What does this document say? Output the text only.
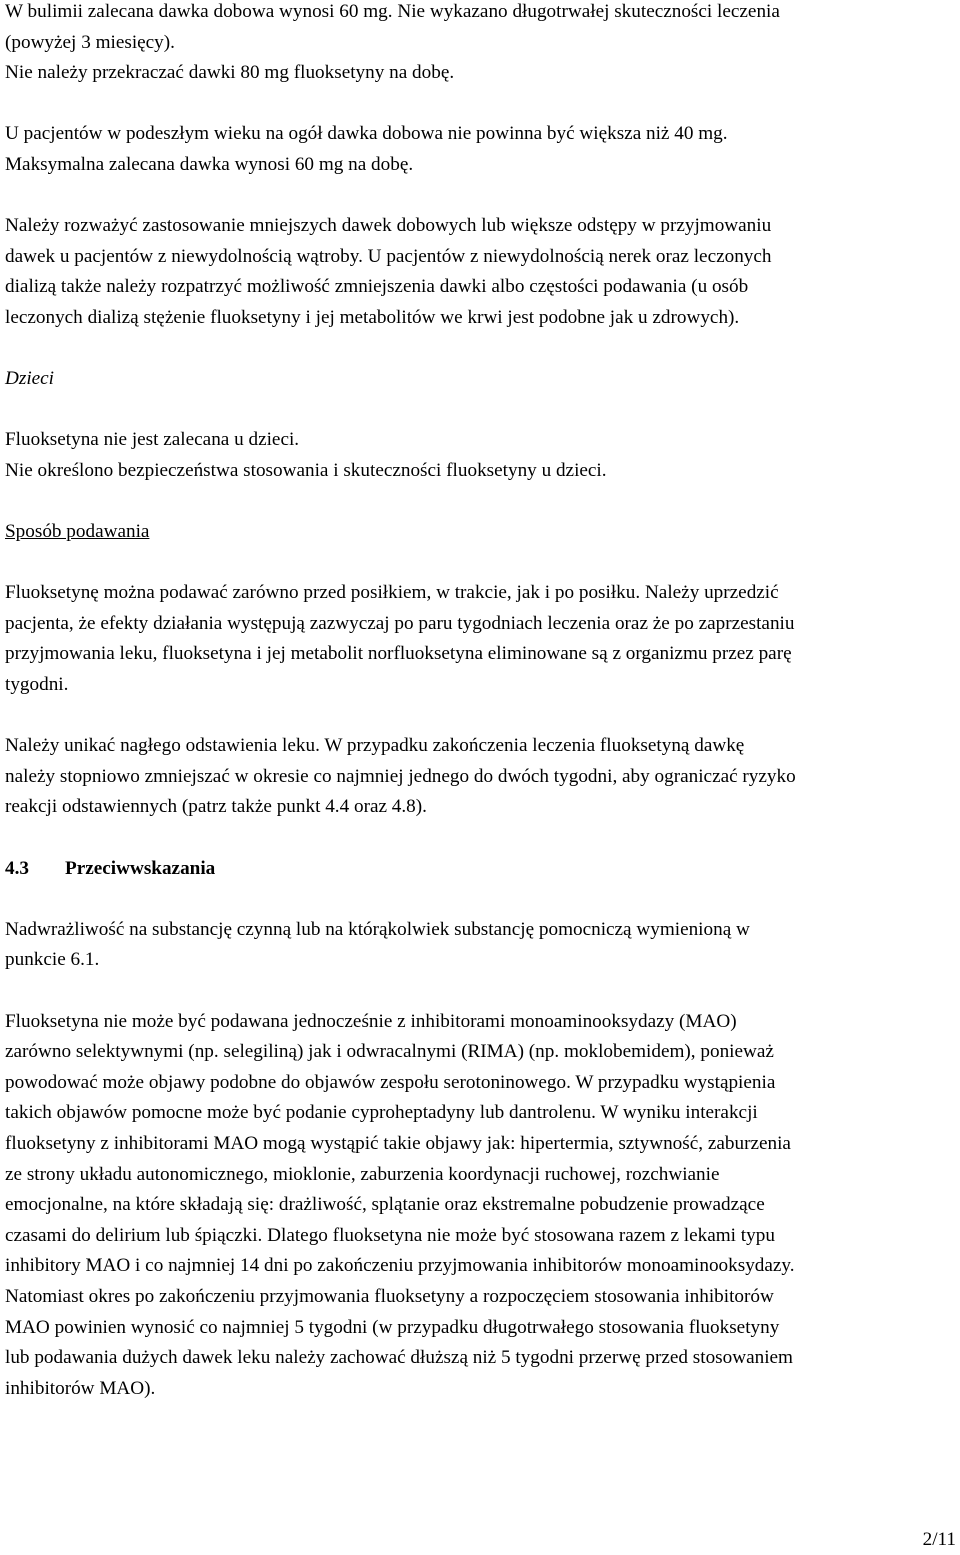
W bulimii zalecana dawka dobowa wynosi 60 mg. Nie wykazano długotrwałej skuteczności leczenia
(powyżej 3 miesięcy).
Nie należy przekraczać dawki 80 mg fluoksetyny na dobę.

U pacjentów w podeszłym wieku na ogół dawka dobowa nie powinna być większa niż 40 mg.
Maksymalna zalecana dawka wynosi 60 mg na dobę.

Należy rozważyć zastosowanie mniejszych dawek dobowych lub większe odstępy w przyjmowaniu
dawek u pacjentów z niewydolnością wątroby. U pacjentów z niewydolnością nerek oraz leczonych
dializą także należy rozpatrzyć możliwość zmniejszenia dawki albo częstości podawania (u osób
leczonych dializą stężenie fluoksetyny i jej metabolitów we krwi jest podobne jak u zdrowych).

Dzieci

Fluoksetyna nie jest zalecana u dzieci.
Nie określono bezpieczeństwa stosowania i skuteczności fluoksetyny u dzieci.

Sposób podawania

Fluoksetynę można podawać zarówno przed posiłkiem, w trakcie, jak i po posiłku. Należy uprzedzić
pacjenta, że efekty działania występują zazwyczaj po paru tygodniach leczenia oraz że po zaprzestaniu
przyjmowania leku, fluoksetyna i jej metabolit norfluoksetyna eliminowane są z organizmu przez parę
tygodni.

Należy unikać nagłego odstawienia leku. W przypadku zakończenia leczenia fluoksetyną dawkę
należy stopniowo zmniejszać w okresie co najmniej jednego do dwóch tygodni, aby ograniczać ryzyko
reakcji odstawiennych (patrz także punkt 4.4 oraz 4.8).

4.3 Przeciwwskazania

Nadwrażliwość na substancję czynną lub na którąkolwiek substancję pomocniczą wymienioną w
punkcie 6.1.

Fluoksetyna nie może być podawana jednocześnie z inhibitorami monoaminooksydazy (MAO)
zarówno selektywnymi (np. selegiliną) jak i odwracalnymi (RIMA) (np. moklobemidem), ponieważ
powodować może objawy podobne do objawów zespołu serotoninowego. W przypadku wystąpienia
takich objawów pomocne może być podanie cyproheptadyny lub dantrolenu. W wyniku interakcji
fluoksetyny z inhibitorami MAO mogą wystąpić takie objawy jak: hipertermia, sztywność, zaburzenia
ze strony układu autonomicznego, mioklonie, zaburzenia koordynacji ruchowej, rozchwianie
emocjonalne, na które składają się: drażliwość, splątanie oraz ekstremalne pobudzenie prowadzące
czasami do delirium lub śpiączki. Dlatego fluoksetyna nie może być stosowana razem z lekami typu
inhibitory MAO i co najmniej 14 dni po zakończeniu przyjmowania inhibitorów monoaminooksydazy.
Natomiast okres po zakończeniu przyjmowania fluoksetyny a rozpoczęciem stosowania inhibitorów
MAO powinien wynosić co najmniej 5 tygodni (w przypadku długotrwałego stosowania fluoksetyny
lub podawania dużych dawek leku należy zachować dłuższą niż 5 tygodni przerwę przed stosowaniem
inhibitorów MAO).

2/11
